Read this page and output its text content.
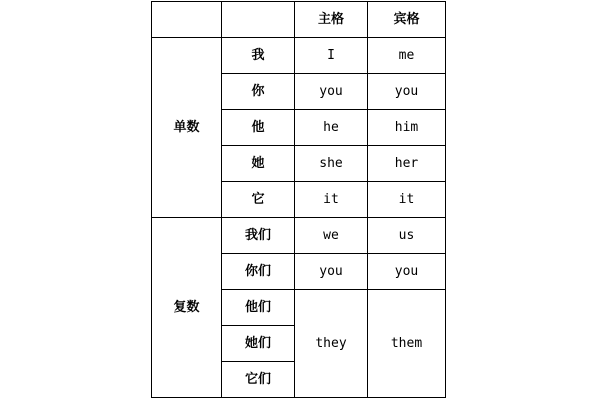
		主格	宾格
单数	我	I	me
	你	you	you
	他	he	him
	她	she	her
	它	it	it
复数	我们	we	us
	你们	you	you
	他们	they	them
	她们		
	它们		
